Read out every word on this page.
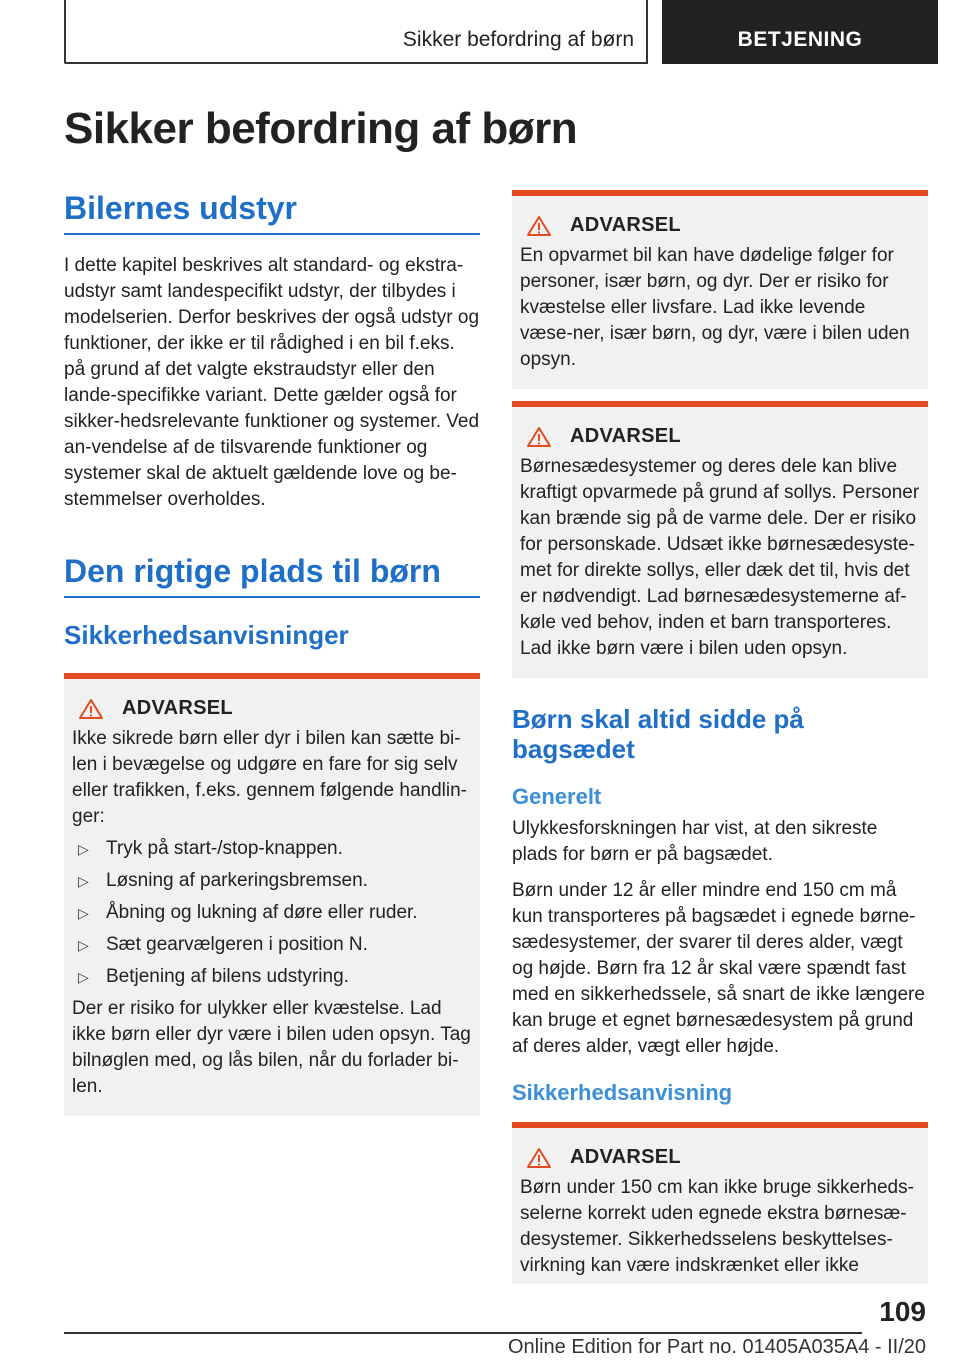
Sikker befordring af børn	BETJENING
Sikker befordring af børn
Bilernes udstyr

I dette kapitel beskrives alt standard- og ekstra-udstyr samt landespecifikt udstyr, der tilbydes i modelserien. Derfor beskrives der også udstyr og funktioner, der ikke er til rådighed i en bil f.eks. på grund af det valgte ekstraudstyr eller den lande-specifikke variant. Dette gælder også for sikker-hedsrelevante funktioner og systemer. Ved an-vendelse af de tilsvarende funktioner og systemer skal de aktuelt gældende love og be-stemmelser overholdes.

Den rigtige plads til børn
Sikkerhedsanvisninger
ADVARSEL

Ikke sikrede børn eller dyr i bilen kan sætte bi-len i bevægelse og udgøre en fare for sig selv eller trafikken, f.eks. gennem følgende handlin-ger:

▷ Tryk på start-/stop-knappen.
▷ Løsning af parkeringsbremsen.
▷ Åbning og lukning af døre eller ruder.
▷ Sæt gearvælgeren i position N.
▷ Betjening af bilens udstyring.

Der er risiko for ulykker eller kvæstelse. Lad ikke børn eller dyr være i bilen uden opsyn. Tag bilnøglen med, og lås bilen, når du forlader bi-len.

ADVARSEL

En opvarmet bil kan have dødelige følger for personer, især børn, og dyr. Der er risiko for kvæstelse eller livsfare. Lad ikke levende væse-ner, især børn, og dyr, være i bilen uden opsyn.

ADVARSEL

Børnesædesystemer og deres dele kan blive kraftigt opvarmede på grund af sollys. Personer kan brænde sig på de varme dele. Der er risiko for personskade. Udsæt ikke børnesædesyste-met for direkte sollys, eller dæk det til, hvis det er nødvendigt. Lad børnesædesystemerne af-køle ved behov, inden et barn transporteres. Lad ikke børn være i bilen uden opsyn.

Børn skal altid sidde på bagsædet
Generelt

Ulykkesforskningen har vist, at den sikreste plads for børn er på bagsædet.

Børn under 12 år eller mindre end 150 cm må kun transporteres på bagsædet i egnede børne-sædesystemer, der svarer til deres alder, vægt og højde. Børn fra 12 år skal være spændt fast med en sikkerhedssele, så snart de ikke længere kan bruge et egnet børnesædesystem på grund af deres alder, vægt eller højde.

Sikkerhedsanvisning
ADVARSEL

Børn under 150 cm kan ikke bruge sikkerheds-selerne korrekt uden egnede ekstra børnesæ-desystemer. Sikkerhedsselens beskyttelses-virkning kan være indskrænket eller ikke

109
Online Edition for Part no. 01405A035A4 - II/20
